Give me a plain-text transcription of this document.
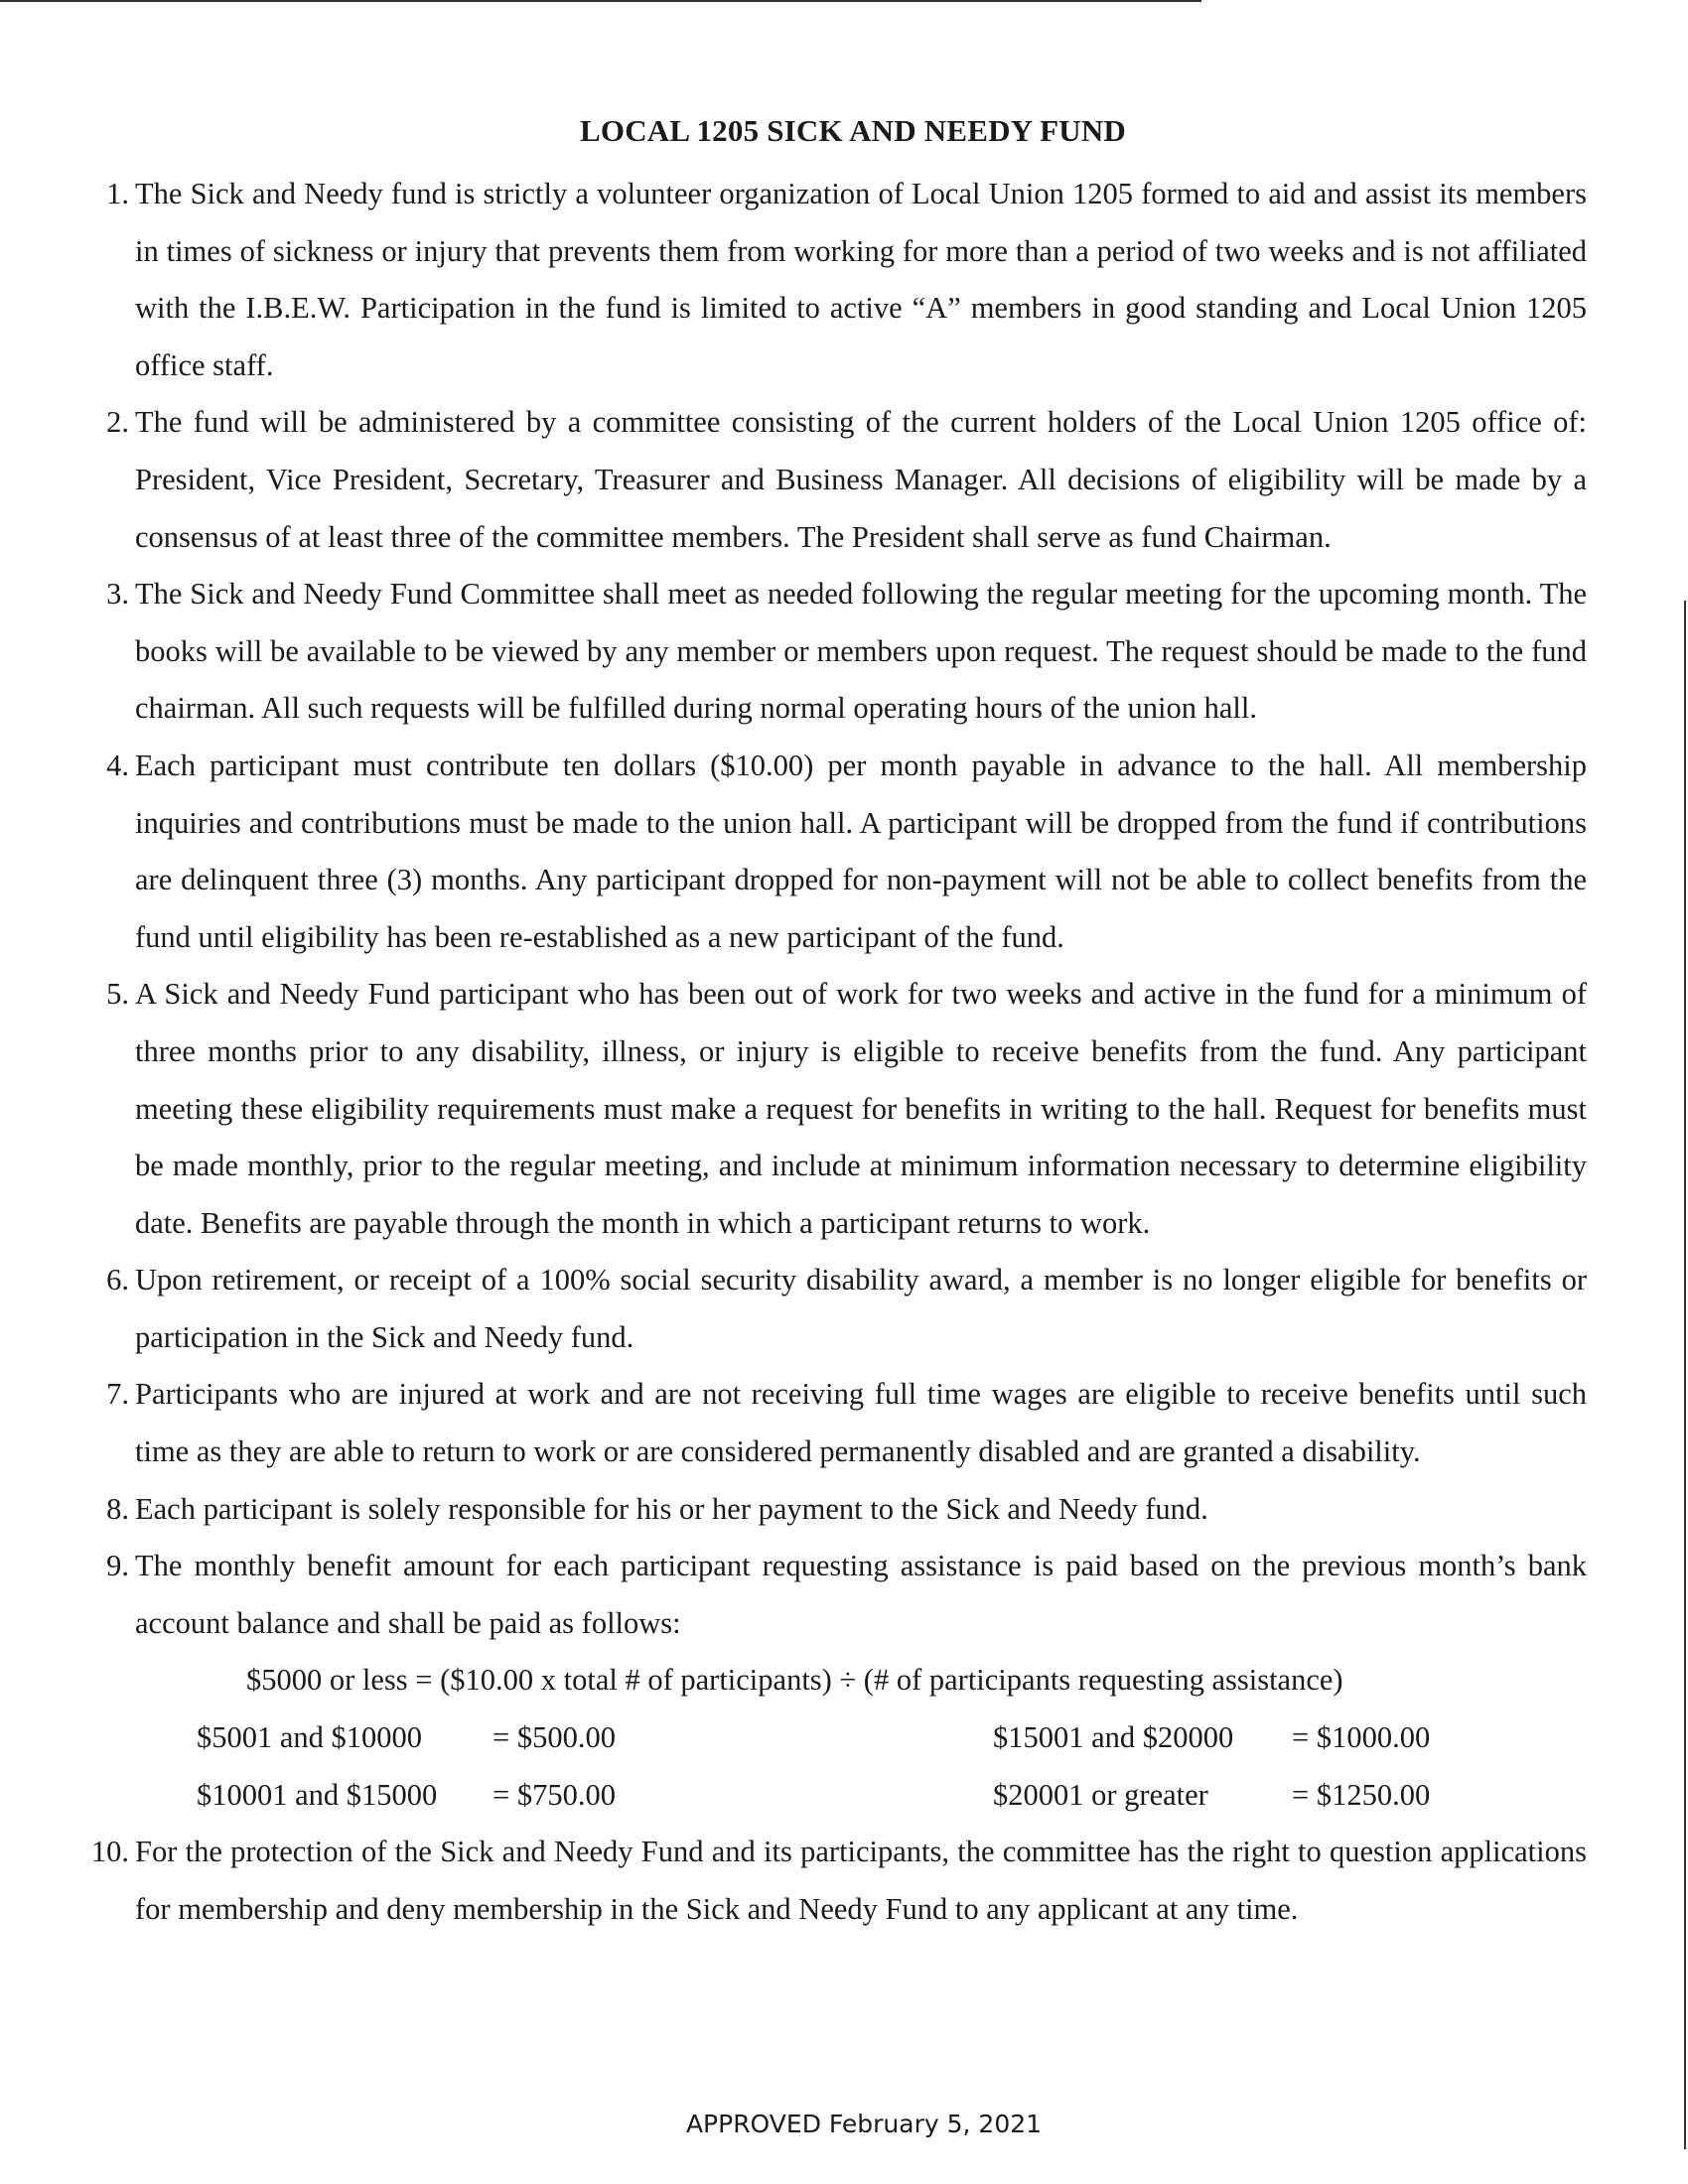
LOCAL 1205 SICK AND NEEDY FUND
1. The Sick and Needy fund is strictly a volunteer organization of Local Union 1205 formed to aid and assist its members in times of sickness or injury that prevents them from working for more than a period of two weeks and is not affiliated with the I.B.E.W. Participation in the fund is limited to active “A” members in good standing and Local Union 1205 office staff.
2. The fund will be administered by a committee consisting of the current holders of the Local Union 1205 office of: President, Vice President, Secretary, Treasurer and Business Manager. All decisions of eligibility will be made by a consensus of at least three of the committee members. The President shall serve as fund Chairman.
3. The Sick and Needy Fund Committee shall meet as needed following the regular meeting for the upcoming month. The books will be available to be viewed by any member or members upon request. The request should be made to the fund chairman. All such requests will be fulfilled during normal operating hours of the union hall.
4. Each participant must contribute ten dollars ($10.00) per month payable in advance to the hall. All membership inquiries and contributions must be made to the union hall. A participant will be dropped from the fund if contributions are delinquent three (3) months. Any participant dropped for non-payment will not be able to collect benefits from the fund until eligibility has been re-established as a new participant of the fund.
5. A Sick and Needy Fund participant who has been out of work for two weeks and active in the fund for a minimum of three months prior to any disability, illness, or injury is eligible to receive benefits from the fund. Any participant meeting these eligibility requirements must make a request for benefits in writing to the hall. Request for benefits must be made monthly, prior to the regular meeting, and include at minimum information necessary to determine eligibility date. Benefits are payable through the month in which a participant returns to work.
6. Upon retirement, or receipt of a 100% social security disability award, a member is no longer eligible for benefits or participation in the Sick and Needy fund.
7. Participants who are injured at work and are not receiving full time wages are eligible to receive benefits until such time as they are able to return to work or are considered permanently disabled and are granted a disability.
8. Each participant is solely responsible for his or her payment to the Sick and Needy fund.
9. The monthly benefit amount for each participant requesting assistance is paid based on the previous month’s bank account balance and shall be paid as follows:
$5000 or less = ($10.00 x total # of participants) ÷ (# of participants requesting assistance)
$5001 and $10000 = $500.00	$15001 and $20000 = $1000.00
$10001 and $15000 = $750.00	$20001 or greater	= $1250.00
10. For the protection of the Sick and Needy Fund and its participants, the committee has the right to question applications for membership and deny membership in the Sick and Needy Fund to any applicant at any time.
APPROVED February 5, 2021
